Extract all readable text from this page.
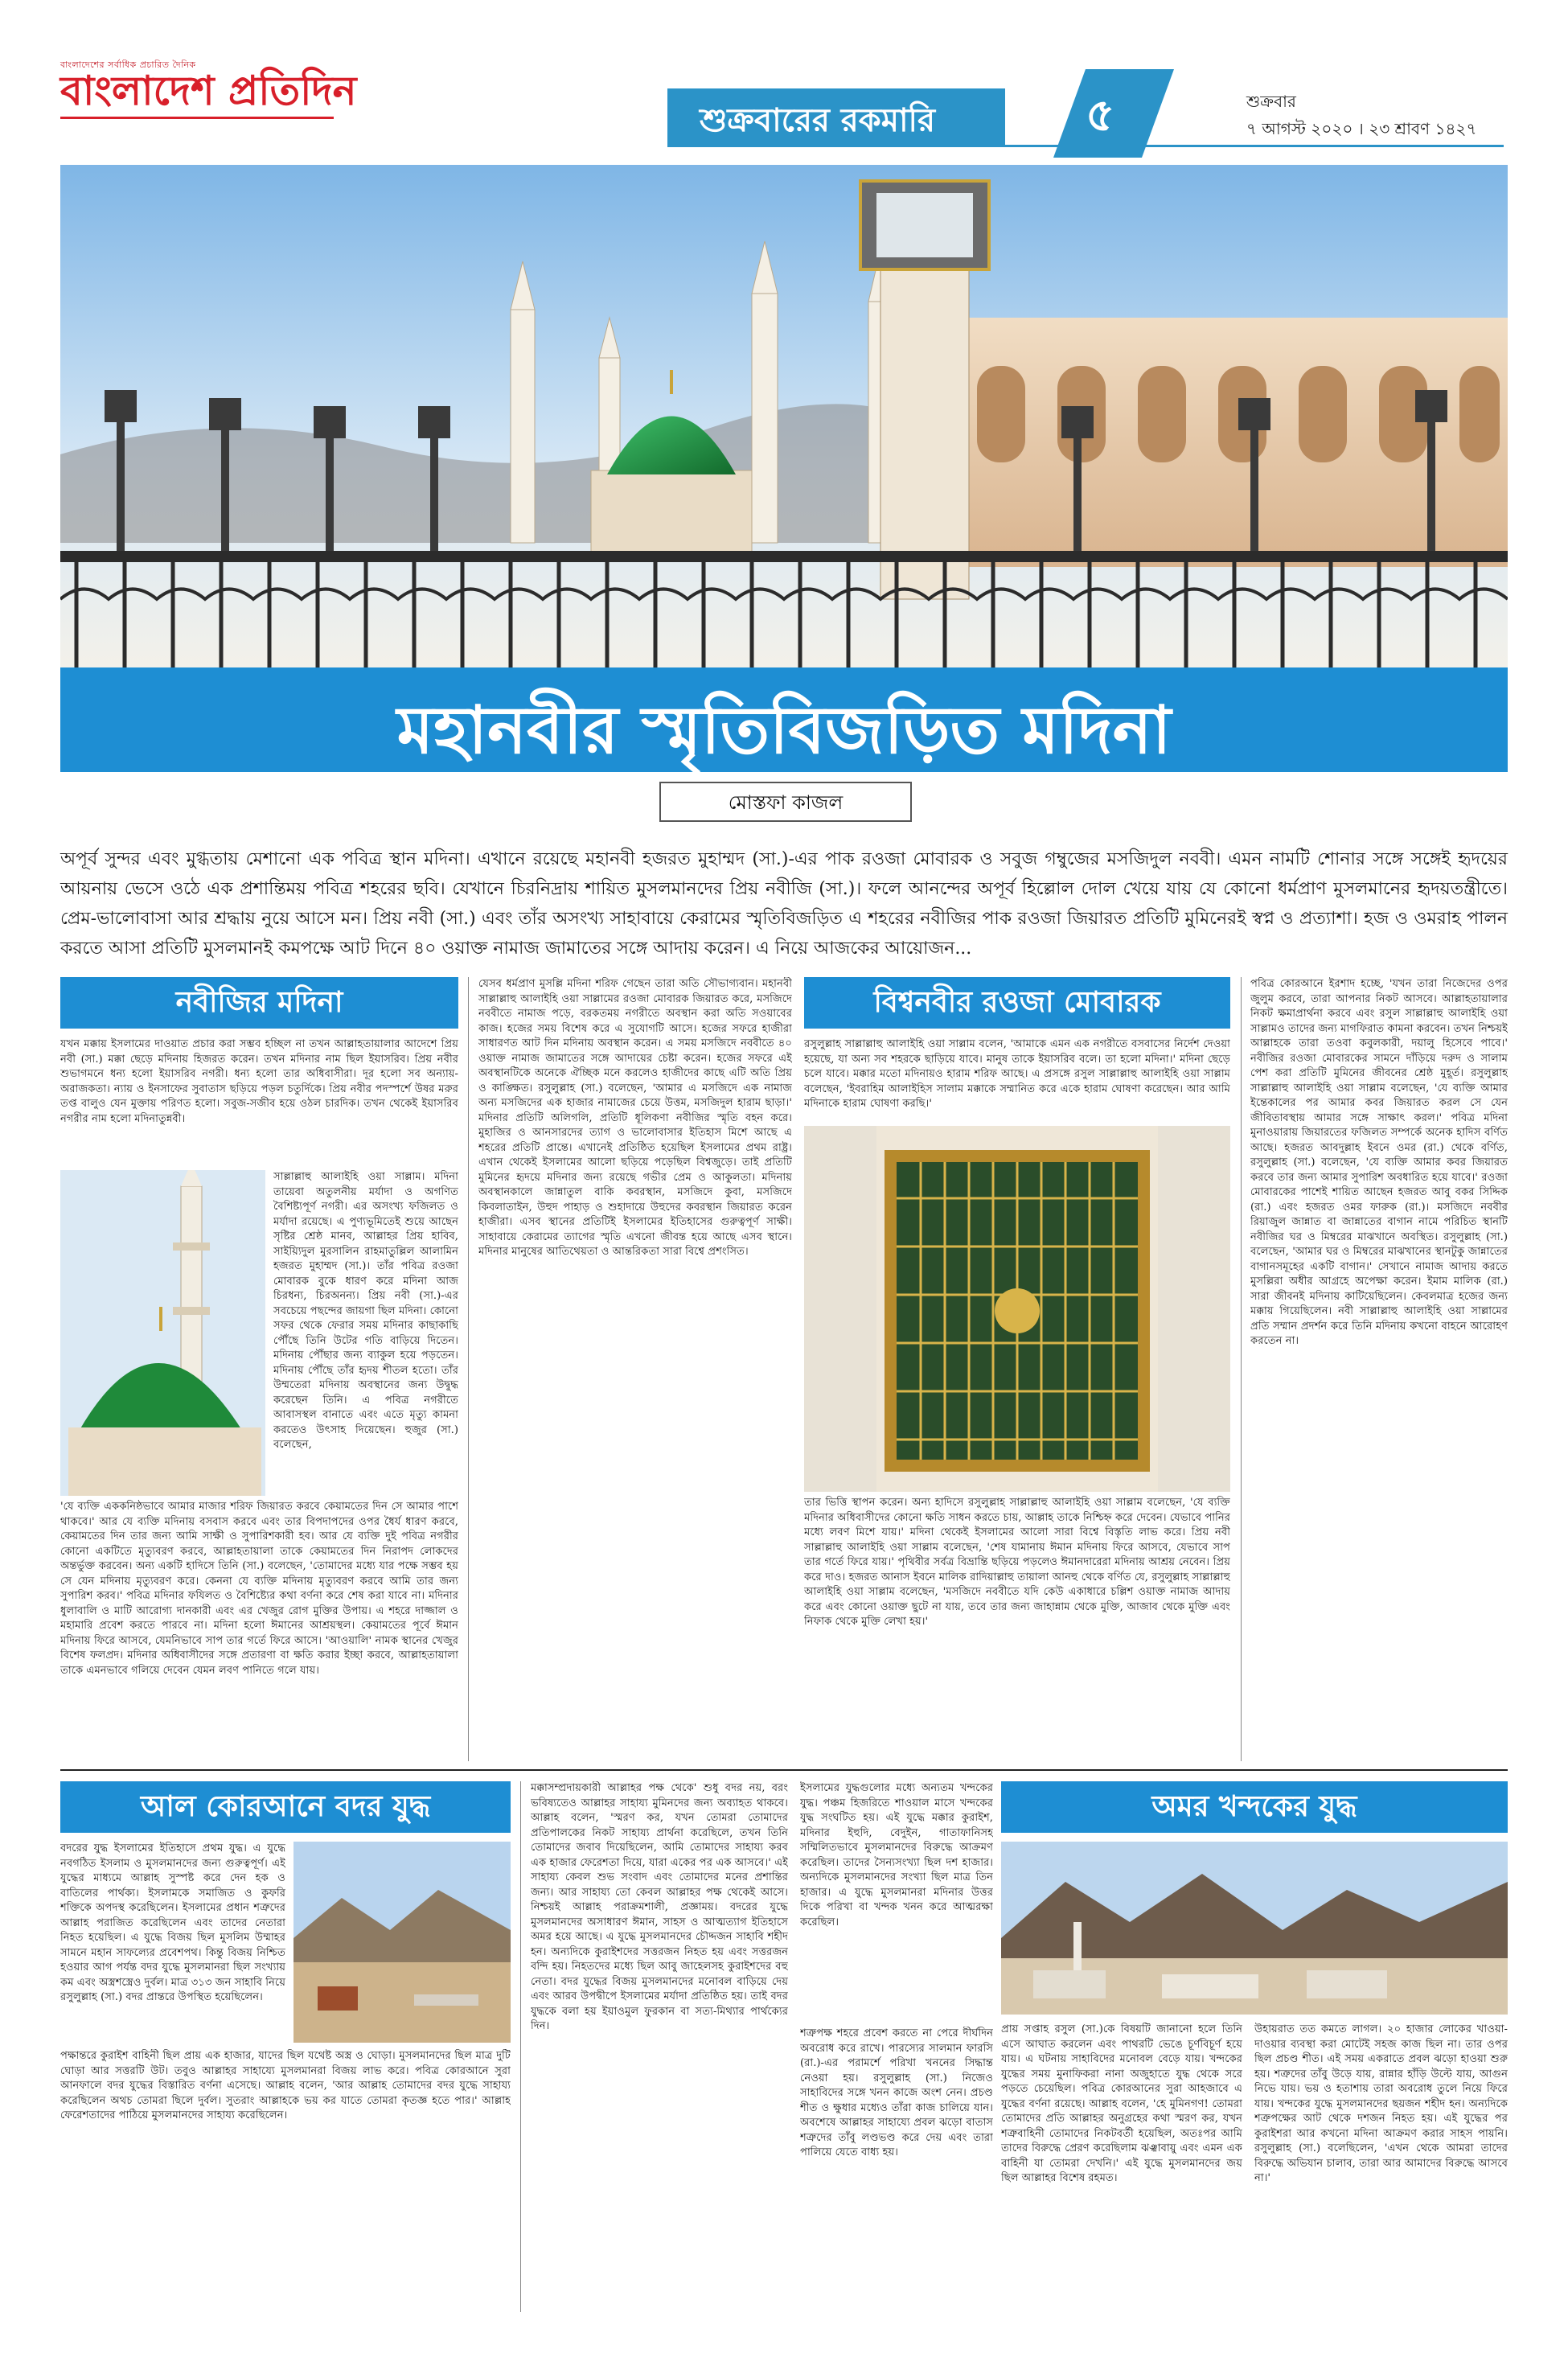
বাংলাদেশের সর্বাধিক প্রচারিত দৈনিক
বাংলাদেশ প্রতিদিন
শুক্রবারের রকমারি	৫	শুক্রবার
৭ আগস্ট ২০২০ । ২৩ শ্রাবণ ১৪২৭
মহানবীর স্মৃতিবিজড়িত মদিনা
মোস্তফা কাজল

অপূর্ব সুন্দর এবং মুগ্ধতায় মেশানো এক পবিত্র স্থান মদিনা। এখানে রয়েছে মহানবী হজরত মুহাম্মদ (সা.)-এর পাক রওজা মোবারক ও সবুজ গম্বুজের মসজিদুল নববী। এমন নামটি শোনার সঙ্গে সঙ্গেই হৃদয়ের আয়নায় ভেসে ওঠে এক প্রশান্তিময় পবিত্র শহরের ছবি। যেখানে চিরনিদ্রায় শায়িত মুসলমানদের প্রিয় নবীজি (সা.)। ফলে আনন্দের অপূর্ব হিল্লোল দোল খেয়ে যায় যে কোনো ধর্মপ্রাণ মুসলমানের হৃদয়তন্ত্রীতে। প্রেম-ভালোবাসা আর শ্রদ্ধায় নুয়ে আসে মন। প্রিয় নবী (সা.) এবং তাঁর অসংখ্য সাহাবায়ে কেরামের স্মৃতিবিজড়িত এ শহরের নবীজির পাক রওজা জিয়ারত প্রতিটি মুমিনেরই স্বপ্ন ও প্রত্যাশা। হজ ও ওমরাহ পালন করতে আসা প্রতিটি মুসলমানই কমপক্ষে আট দিনে ৪০ ওয়াক্ত নামাজ জামাতের সঙ্গে আদায় করেন। এ নিয়ে আজকের আয়োজন...

নবীজির মদিনা
যখন মক্কায় ইসলামের দাওয়াত প্রচার করা সম্ভব হচ্ছিল না তখন আল্লাহতায়ালার আদেশে প্রিয় নবী (সা.) মক্কা ছেড়ে মদিনায় হিজরত করেন। তখন মদিনার নাম ছিল ইয়াসরিব। প্রিয় নবীর শুভাগমনে ধন্য হলো ইয়াসরিব নগরী। ধন্য হলো তার অধিবাসীরা। দূর হলো সব অন্যায়-অরাজকতা। ন্যায় ও ইনসাফের সুবাতাস ছড়িয়ে পড়ল চতুর্দিকে। প্রিয় নবীর পদস্পর্শে উষর মরুর তপ্ত বালুও যেন মুক্তায় পরিণত হলো। সবুজ-সজীব হয়ে ওঠল চারদিক। তখন থেকেই ইয়াসরিব নগরীর নাম হলো মদিনাতুন্নবী।
সাল্লাল্লাহু আলাইহি ওয়া সাল্লাম। মদিনা তায়েবা অতুলনীয় মর্যাদা ও অগণিত বৈশিষ্ট্যপূর্ণ নগরী। এর অসংখ্য ফজিলত ও মর্যাদা রয়েছে। এ পুণ্যভূমিতেই শুয়ে আছেন সৃষ্টির শ্রেষ্ঠ মানব, আল্লাহর প্রিয় হাবিব, সাইয়্যিদুল মুরসালিন রাহমাতুল্লিল আলামিন হজরত মুহাম্মদ (সা.)। তাঁর পবিত্র রওজা মোবারক বুকে ধারণ করে মদিনা আজ চিরধন্য, চিরঅনন্য। প্রিয় নবী (সা.)-এর সবচেয়ে পছন্দের জায়গা ছিল মদিনা। কোনো সফর থেকে ফেরার সময় মদিনার কাছাকাছি পৌঁছে তিনি উটের গতি বাড়িয়ে দিতেন। মদিনায় পৌঁছার জন্য ব্যাকুল হয়ে পড়তেন। মদিনায় পৌঁছে তাঁর হৃদয় শীতল হতো। তাঁর উম্মতেরা মদিনায় অবস্থানের জন্য উদ্বুদ্ধ করেছেন তিনি। এ পবিত্র নগরীতে আবাসস্থল বানাতে এবং এতে মৃত্যু কামনা করতেও উৎসাহ দিয়েছেন। হুজুর (সা.) বলেছেন,
'যে ব্যক্তি এককনিষ্ঠভাবে আমার মাজার শরিফ জিয়ারত করবে কেয়ামতের দিন সে আমার পাশে থাকবে।' আর যে ব্যক্তি মদিনায় বসবাস করবে এবং তার বিপদাপদের ওপর ধৈর্য ধারণ করবে, কেয়ামতের দিন তার জন্য আমি সাক্ষী ও সুপারিশকারী হব। আর যে ব্যক্তি দুই পবিত্র নগরীর কোনো একটিতে মৃত্যুবরণ করবে, আল্লাহতায়ালা তাকে কেয়ামতের দিন নিরাপদ লোকদের অন্তর্ভুক্ত করবেন। অন্য একটি হাদিসে তিনি (সা.) বলেছেন, 'তোমাদের মধ্যে যার পক্ষে সম্ভব হয় সে যেন মদিনায় মৃত্যুবরণ করে। কেননা যে ব্যক্তি মদিনায় মৃত্যুবরণ করবে আমি তার জন্য সুপারিশ করব।' পবিত্র মদিনার ফযিলত ও বৈশিষ্ট্যের কথা বর্ণনা করে শেষ করা যাবে না। মদিনার ধুলাবালি ও মাটি আরোগ্য দানকারী এবং এর খেজুর রোগ মুক্তির উপায়। এ শহরে দাজ্জাল ও মহামারি প্রবেশ করতে পারবে না। মদিনা হলো ঈমানের আশ্রয়স্থল। কেয়ামতের পূর্বে ঈমান মদিনায় ফিরে আসবে, যেমনিভাবে সাপ তার গর্তে ফিরে আসে। 'আওয়ালি' নামক স্থানের খেজুর বিশেষ ফলপ্রদ। মদিনার অধিবাসীদের সঙ্গে প্রতারণা বা ক্ষতি করার ইচ্ছা করবে, আল্লাহতায়ালা তাকে এমনভাবে গলিয়ে দেবেন যেমন লবণ পানিতে গলে যায়।
যেসব ধর্মপ্রাণ মুসল্লি মদিনা শরিফ গেছেন তারা অতি সৌভাগ্যবান। মহানবী সাল্লাল্লাহু আলাইহি ওয়া সাল্লামের রওজা মোবারক জিয়ারত করে, মসজিদে নববীতে নামাজ পড়ে, বরকতময় নগরীতে অবস্থান করা অতি সওয়াবের কাজ। হজের সময় বিশেষ করে এ সুযোগটি আসে। হজের সফরে হাজীরা সাধারণত আট দিন মদিনায় অবস্থান করেন। এ সময় মসজিদে নববীতে ৪০ ওয়াক্ত নামাজ জামাতের সঙ্গে আদায়ের চেষ্টা করেন। হজের সফরে এই অবস্থানটিকে অনেকে ঐচ্ছিক মনে করলেও হাজীদের কাছে এটি অতি প্রিয় ও কাঙ্ক্ষিত। রসুলুল্লাহ (সা.) বলেছেন, 'আমার এ মসজিদে এক নামাজ অন্য মসজিদের এক হাজার নামাজের চেয়ে উত্তম, মসজিদুল হারাম ছাড়া।' মদিনার প্রতিটি অলিগলি, প্রতিটি ধূলিকণা নবীজির স্মৃতি বহন করে। মুহাজির ও আনসারদের ত্যাগ ও ভালোবাসার ইতিহাস মিশে আছে এ শহরের প্রতিটি প্রান্তে। এখানেই প্রতিষ্ঠিত হয়েছিল ইসলামের প্রথম রাষ্ট্র। এখান থেকেই ইসলামের আলো ছড়িয়ে পড়েছিল বিশ্বজুড়ে। তাই প্রতিটি মুমিনের হৃদয়ে মদিনার জন্য রয়েছে গভীর প্রেম ও আকুলতা। মদিনায় অবস্থানকালে জান্নাতুল বাকি কবরস্থান, মসজিদে কুবা, মসজিদে কিবলাতাইন, উহুদ পাহাড় ও শুহাদায়ে উহুদের কবরস্থান জিয়ারত করেন হাজীরা। এসব স্থানের প্রতিটিই ইসলামের ইতিহাসের গুরুত্বপূর্ণ সাক্ষী। সাহাবায়ে কেরামের ত্যাগের স্মৃতি এখনো জীবন্ত হয়ে আছে এসব স্থানে। মদিনার মানুষের আতিথেয়তা ও আন্তরিকতা সারা বিশ্বে প্রশংসিত।
বিশ্বনবীর রওজা মোবারক
রসুলুল্লাহ সাল্লাল্লাহু আলাইহি ওয়া সাল্লাম বলেন, 'আমাকে এমন এক নগরীতে বসবাসের নির্দেশ দেওয়া হয়েছে, যা অন্য সব শহরকে ছাড়িয়ে যাবে। মানুষ তাকে ইয়াসরিব বলে। তা হলো মদিনা।' মদিনা ছেড়ে চলে যাবে। মক্কার মতো মদিনায়ও হারাম শরিফ আছে। এ প্রসঙ্গে রসুল সাল্লাল্লাহু আলাইহি ওয়া সাল্লাম বলেছেন, 'ইবরাহিম আলাইহিস সালাম মক্কাকে সম্মানিত করে একে হারাম ঘোষণা করেছেন। আর আমি মদিনাকে হারাম ঘোষণা করছি।'
তার ভিত্তি স্থাপন করেন। অন্য হাদিসে রসুলুল্লাহ সাল্লাল্লাহু আলাইহি ওয়া সাল্লাম বলেছেন, 'যে ব্যক্তি মদিনার অধিবাসীদের কোনো ক্ষতি সাধন করতে চায়, আল্লাহ তাকে নিশ্চিহ্ন করে দেবেন। যেভাবে পানির মধ্যে লবণ মিশে যায়।' মদিনা থেকেই ইসলামের আলো সারা বিশ্বে বিস্তৃতি লাভ করে। প্রিয় নবী সাল্লাল্লাহু আলাইহি ওয়া সাল্লাম বলেছেন, 'শেষ যামানায় ঈমান মদিনায় ফিরে আসবে, যেভাবে সাপ তার গর্তে ফিরে যায়।' পৃথিবীর সর্বত্র বিভ্রান্তি ছড়িয়ে পড়লেও ঈমানদারেরা মদিনায় আশ্রয় নেবেন। প্রিয় করে দাও। হজরত আনাস ইবনে মালিক রাদিয়াল্লাহু তায়ালা আনহু থেকে বর্ণিত যে, রসুলুল্লাহ সাল্লাল্লাহু আলাইহি ওয়া সাল্লাম বলেছেন, 'মসজিদে নববীতে যদি কেউ একাধারে চল্লিশ ওয়াক্ত নামাজ আদায় করে এবং কোনো ওয়াক্ত ছুটে না যায়, তবে তার জন্য জাহান্নাম থেকে মুক্তি, আজাব থেকে মুক্তি এবং নিফাক থেকে মুক্তি লেখা হয়।'
পবিত্র কোরআনে ইরশাদ হচ্ছে, 'যখন তারা নিজেদের ওপর জুলুম করবে, তারা আপনার নিকট আসবে। আল্লাহতায়ালার নিকট ক্ষমাপ্রার্থনা করবে এবং রসুল সাল্লাল্লাহু আলাইহি ওয়া সাল্লামও তাদের জন্য মাগফিরাত কামনা করবেন। তখন নিশ্চয়ই আল্লাহকে তারা তওবা কবুলকারী, দয়ালু হিসেবে পাবে।' নবীজির রওজা মোবারকের সামনে দাঁড়িয়ে দরুদ ও সালাম পেশ করা প্রতিটি মুমিনের জীবনের শ্রেষ্ঠ মুহূর্ত। রসুলুল্লাহ সাল্লাল্লাহু আলাইহি ওয়া সাল্লাম বলেছেন, 'যে ব্যক্তি আমার ইন্তেকালের পর আমার কবর জিয়ারত করল সে যেন জীবিতাবস্থায় আমার সঙ্গে সাক্ষাৎ করল।' পবিত্র মদিনা মুনাওয়ারায় জিয়ারতের ফজিলত সম্পর্কে অনেক হাদিস বর্ণিত আছে। হজরত আবদুল্লাহ ইবনে ওমর (রা.) থেকে বর্ণিত, রসুলুল্লাহ (সা.) বলেছেন, 'যে ব্যক্তি আমার কবর জিয়ারত করবে তার জন্য আমার সুপারিশ অবধারিত হয়ে যাবে।' রওজা মোবারকের পাশেই শায়িত আছেন হজরত আবু বকর সিদ্দিক (রা.) এবং হজরত ওমর ফারুক (রা.)। মসজিদে নববীর রিয়াজুল জান্নাত বা জান্নাতের বাগান নামে পরিচিত স্থানটি নবীজির ঘর ও মিম্বরের মাঝখানে অবস্থিত। রসুলুল্লাহ (সা.) বলেছেন, 'আমার ঘর ও মিম্বরের মাঝখানের স্থানটুকু জান্নাতের বাগানসমূহের একটি বাগান।' সেখানে নামাজ আদায় করতে মুসল্লিরা অধীর আগ্রহে অপেক্ষা করেন। ইমাম মালিক (রা.) সারা জীবনই মদিনায় কাটিয়েছিলেন। কেবলমাত্র হজের জন্য মক্কায় গিয়েছিলেন। নবী সাল্লাল্লাহু আলাইহি ওয়া সাল্লামের প্রতি সম্মান প্রদর্শন করে তিনি মদিনায় কখনো বাহনে আরোহণ করতেন না।
আল কোরআনে বদর যুদ্ধ
বদরের যুদ্ধ ইসলামের ইতিহাসে প্রথম যুদ্ধ। এ যুদ্ধে নবগঠিত ইসলাম ও মুসলমানদের জন্য গুরুত্বপূর্ণ। এই যুদ্ধের মাধ্যমে আল্লাহ সুস্পষ্ট করে দেন হক ও বাতিলের পার্থক্য। ইসলামকে সমাজিত ও কুফরি শক্তিকে অপদস্থ করেছিলেন। ইসলামের প্রধান শত্রুদের আল্লাহ পরাজিত করেছিলেন এবং তাদের নেতারা নিহত হয়েছিল। এ যুদ্ধে বিজয় ছিল মুসলিম উম্মাহর সামনে মহান সাফল্যের প্রবেশপথ। কিন্তু বিজয় নিশ্চিত হওয়ার আগ পর্যন্ত বদর যুদ্ধে মুসলমানরা ছিল সংখ্যায় কম এবং অস্ত্রশস্ত্রেও দুর্বল। মাত্র ৩১৩ জন সাহাবি নিয়ে রসুলুল্লাহ (সা.) বদর প্রান্তরে উপস্থিত হয়েছিলেন।
পক্ষান্তরে কুরাইশ বাহিনী ছিল প্রায় এক হাজার, যাদের ছিল যথেষ্ট অস্ত্র ও ঘোড়া। মুসলমানদের ছিল মাত্র দুটি ঘোড়া আর সত্তরটি উট। তবুও আল্লাহর সাহায্যে মুসলমানরা বিজয় লাভ করে। পবিত্র কোরআনে সুরা আনফালে বদর যুদ্ধের বিস্তারিত বর্ণনা এসেছে। আল্লাহ বলেন, 'আর আল্লাহ তোমাদের বদর যুদ্ধে সাহায্য করেছিলেন অথচ তোমরা ছিলে দুর্বল। সুতরাং আল্লাহকে ভয় কর যাতে তোমরা কৃতজ্ঞ হতে পার।' আল্লাহ ফেরেশতাদের পাঠিয়ে মুসলমানদের সাহায্য করেছিলেন।
মক্কাসম্প্রদায়কারী আল্লাহর পক্ষ থেকে' শুধু বদর নয়, বরং ভবিষ্যতেও আল্লাহর সাহায্য মুমিনদের জন্য অব্যাহত থাকবে। আল্লাহ বলেন, 'স্মরণ কর, যখন তোমরা তোমাদের প্রতিপালকের নিকট সাহায্য প্রার্থনা করেছিলে, তখন তিনি তোমাদের জবাব দিয়েছিলেন, আমি তোমাদের সাহায্য করব এক হাজার ফেরেশতা দিয়ে, যারা একের পর এক আসবে।' এই সাহায্য কেবল শুভ সংবাদ এবং তোমাদের মনের প্রশান্তির জন্য। আর সাহায্য তো কেবল আল্লাহর পক্ষ থেকেই আসে। নিশ্চয়ই আল্লাহ পরাক্রমশালী, প্রজ্ঞাময়। বদরের যুদ্ধে মুসলমানদের অসাধারণ ঈমান, সাহস ও আত্মত্যাগ ইতিহাসে অমর হয়ে আছে। এ যুদ্ধে মুসলমানদের চৌদ্দজন সাহাবি শহীদ হন। অন্যদিকে কুরাইশদের সত্তরজন নিহত হয় এবং সত্তরজন বন্দি হয়। নিহতদের মধ্যে ছিল আবু জাহেলসহ কুরাইশদের বহু নেতা। বদর যুদ্ধের বিজয় মুসলমানদের মনোবল বাড়িয়ে দেয় এবং আরব উপদ্বীপে ইসলামের মর্যাদা প্রতিষ্ঠিত হয়। তাই বদর যুদ্ধকে বলা হয় ইয়াওমুল ফুরকান বা সত্য-মিথ্যার পার্থক্যের দিন।
অমর খন্দকের যুদ্ধ
ইসলামের যুদ্ধগুলোর মধ্যে অন্যতম খন্দকের যুদ্ধ। পঞ্চম হিজরিতে শাওয়াল মাসে খন্দকের যুদ্ধ সংঘটিত হয়। এই যুদ্ধে মক্কার কুরাইশ, মদিনার ইহুদি, বেদুইন, গাতাফানিসহ সম্মিলিতভাবে মুসলমানদের বিরুদ্ধে আক্রমণ করেছিল। তাদের সৈন্যসংখ্যা ছিল দশ হাজার। অন্যদিকে মুসলমানদের সংখ্যা ছিল মাত্র তিন হাজার। এ যুদ্ধে মুসলমানরা মদিনার উত্তর দিকে পরিখা বা খন্দক খনন করে আত্মরক্ষা করেছিল।
শত্রুপক্ষ শহরে প্রবেশ করতে না পেরে দীর্ঘদিন অবরোধ করে রাখে। পারস্যের সালমান ফারসি (রা.)-এর পরামর্শে পরিখা খননের সিদ্ধান্ত নেওয়া হয়। রসুলুল্লাহ (সা.) নিজেও সাহাবিদের সঙ্গে খনন কাজে অংশ নেন। প্রচণ্ড শীত ও ক্ষুধার মধ্যেও তাঁরা কাজ চালিয়ে যান। অবশেষে আল্লাহর সাহায্যে প্রবল ঝড়ো বাতাস শত্রুদের তাঁবু লণ্ডভণ্ড করে দেয় এবং তারা পালিয়ে যেতে বাধ্য হয়।
প্রায় সপ্তাহ রসুল (সা.)কে বিষয়টি জানানো হলে তিনি এসে আঘাত করলেন এবং পাথরটি ভেঙে চূর্ণবিচূর্ণ হয়ে যায়। এ ঘটনায় সাহাবিদের মনোবল বেড়ে যায়। খন্দকের যুদ্ধের সময় মুনাফিকরা নানা অজুহাতে যুদ্ধ থেকে সরে পড়তে চেয়েছিল। পবিত্র কোরআনের সুরা আহজাবে এ যুদ্ধের বর্ণনা রয়েছে। আল্লাহ বলেন, 'হে মুমিনগণ! তোমরা তোমাদের প্রতি আল্লাহর অনুগ্রহের কথা স্মরণ কর, যখন শত্রুবাহিনী তোমাদের নিকটবর্তী হয়েছিল, অতঃপর আমি তাদের বিরুদ্ধে প্রেরণ করেছিলাম ঝঞ্ঝাবায়ু এবং এমন এক বাহিনী যা তোমরা দেখনি।' এই যুদ্ধে মুসলমানদের জয় ছিল আল্লাহর বিশেষ রহমত।
উহায়রাত তত কমতে লাগল। ২০ হাজার লোকের খাওয়া-দাওয়ার ব্যবস্থা করা মোটেই সহজ কাজ ছিল না। তার ওপর ছিল প্রচণ্ড শীত। এই সময় একরাতে প্রবল ঝড়ো হাওয়া শুরু হয়। শত্রুদের তাঁবু উড়ে যায়, রান্নার হাঁড়ি উল্টে যায়, আগুন নিভে যায়। ভয় ও হতাশায় তারা অবরোধ তুলে নিয়ে ফিরে যায়। খন্দকের যুদ্ধে মুসলমানদের ছয়জন শহীদ হন। অন্যদিকে শত্রুপক্ষের আট থেকে দশজন নিহত হয়। এই যুদ্ধের পর কুরাইশরা আর কখনো মদিনা আক্রমণ করার সাহস পায়নি। রসুলুল্লাহ (সা.) বলেছিলেন, 'এখন থেকে আমরা তাদের বিরুদ্ধে অভিযান চালাব, তারা আর আমাদের বিরুদ্ধে আসবে না।'
